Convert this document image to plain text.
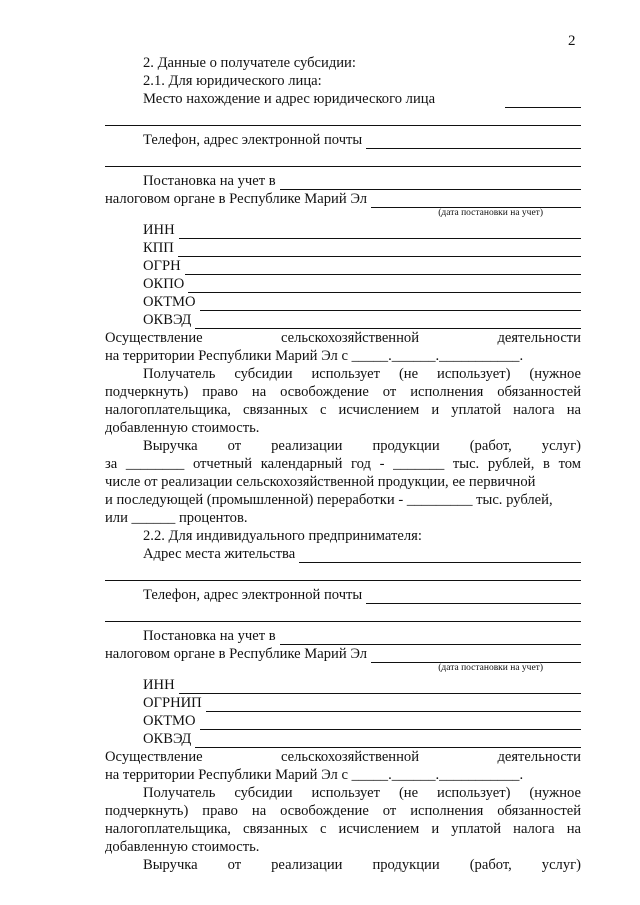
2
2. Данные о получателе субсидии:
2.1. Для юридического лица:
Место нахождение и адрес юридического лица
Телефон, адрес электронной почты
Постановка на учет в
налоговом органе в Республике Марий Эл
(дата постановки на учет)
ИНН
КПП
ОГРН
ОКПО
ОКТМО
ОКВЭД
Осуществление	сельскохозяйственной	деятельности
на территории Республики Марий Эл с _____.______.___________.

Получатель субсидии использует (не использует) (нужное подчеркнуть) право на освобождение от исполнения обязанностей налогоплательщика, связанных с исчислением и уплатой налога на добавленную стоимость.

Выручка от реализации продукции (работ, услуг)
за ________ отчетный календарный год - _______ тыс. рублей, в том
числе от реализации сельскохозяйственной продукции, ее первичной
и последующей (промышленной) переработки - _________ тыс. рублей,
или ______ процентов.
2.2. Для индивидуального предпринимателя:
Адрес места жительства
Телефон, адрес электронной почты
Постановка на учет в
налоговом органе в Республике Марий Эл
(дата постановки на учет)
ИНН
ОГРНИП
ОКТМО
ОКВЭД
Осуществление	сельскохозяйственной	деятельности
на территории Республики Марий Эл с _____.______.___________.

Получатель субсидии использует (не использует) (нужное подчеркнуть) право на освобождение от исполнения обязанностей налогоплательщика, связанных с исчислением и уплатой налога на добавленную стоимость.

Выручка от реализации продукции (работ, услуг)
